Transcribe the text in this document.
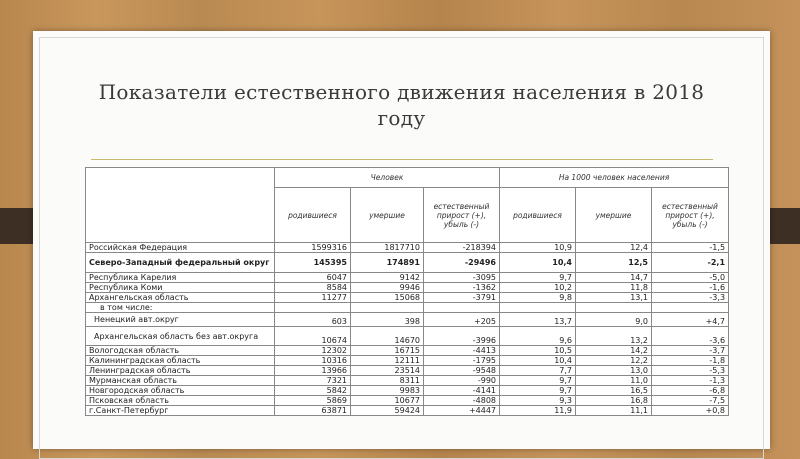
Показатели естественного движения населения в 2018 году
	Человек			На 1000 человек населения		
	родившиеся	умершие	естественный прирост (+), убыль (-)	родившиеся	умершие	естественный прирост (+), убыль (-)
Российская Федерация	1599316	1817710	-218394	10,9	12,4	-1,5
Северо-Западный федеральный округ	145395	174891	-29496	10,4	12,5	-2,1
Республика Карелия	6047	9142	-3095	9,7	14,7	-5,0
Республика Коми	8584	9946	-1362	10,2	11,8	-1,6
Архангельская область	11277	15068	-3791	9,8	13,1	-3,3
в том числе:						
Ненецкий авт.округ	603	398	+205	13,7	9,0	+4,7
Архангельская область без авт.округа	10674	14670	-3996	9,6	13,2	-3,6
Вологодская область	12302	16715	-4413	10,5	14,2	-3,7
Калининградская область	10316	12111	-1795	10,4	12,2	-1,8
Ленинградская область	13966	23514	-9548	7,7	13,0	-5,3
Мурманская область	7321	8311	-990	9,7	11,0	-1,3
Новгородская область	5842	9983	-4141	9,7	16,5	-6,8
Псковская область	5869	10677	-4808	9,3	16,8	-7,5
г.Санкт-Петербург	63871	59424	+4447	11,9	11,1	+0,8
